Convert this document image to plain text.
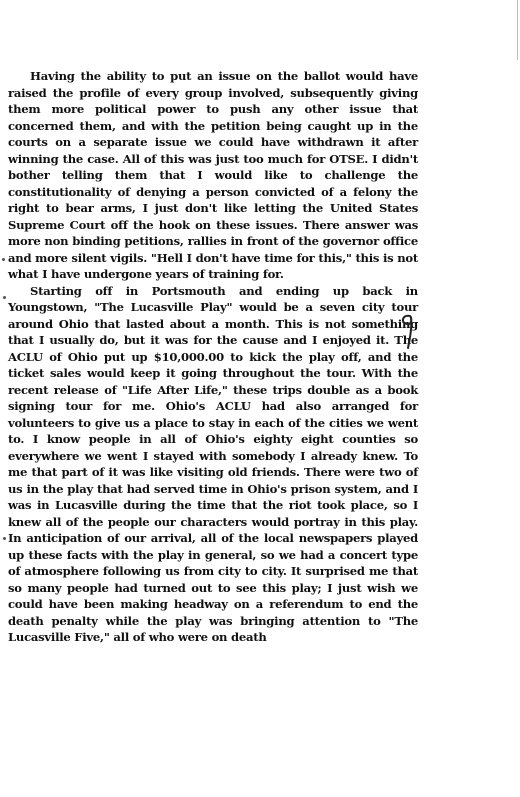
Having the ability to put an issue on the ballot would have raised the profile of every group involved, subsequently giving them more political power to push any other issue that concerned them, and with the petition being caught up in the courts on a separate issue we could have withdrawn it after winning the case. All of this was just too much for OTSE. I didn't bother telling them that I would like to challenge the constitutionality of denying a person convicted of a felony the right to bear arms, I just don't like letting the United States Supreme Court off the hook on these issues. There answer was more non binding petitions, rallies in front of the governor office and more silent vigils. "Hell I don't have time for this," this is not what I have undergone years of training for.

Starting off in Portsmouth and ending up back in Youngstown, "The Lucasville Play" would be a seven city tour around Ohio that lasted about a month. This is not something that I usually do, but it was for the cause and I enjoyed it. The ACLU of Ohio put up $10,000.00 to kick the play off, and the ticket sales would keep it going throughout the tour. With the recent release of "Life After Life," these trips double as a book signing tour for me. Ohio's ACLU had also arranged for volunteers to give us a place to stay in each of the cities we went to. I know people in all of Ohio's eighty eight counties so everywhere we went I stayed with somebody I already knew. To me that part of it was like visiting old friends. There were two of us in the play that had served time in Ohio's prison system, and I was in Lucasville during the time that the riot took place, so I knew all of the people our characters would portray in this play. In anticipation of our arrival, all of the local newspapers played up these facts with the play in general, so we had a concert type of atmosphere following us from city to city. It surprised me that so many people had turned out to see this play; I just wish we could have been making headway on a referendum to end the death penalty while the play was bringing attention to "The Lucasville Five," all of who were on death
